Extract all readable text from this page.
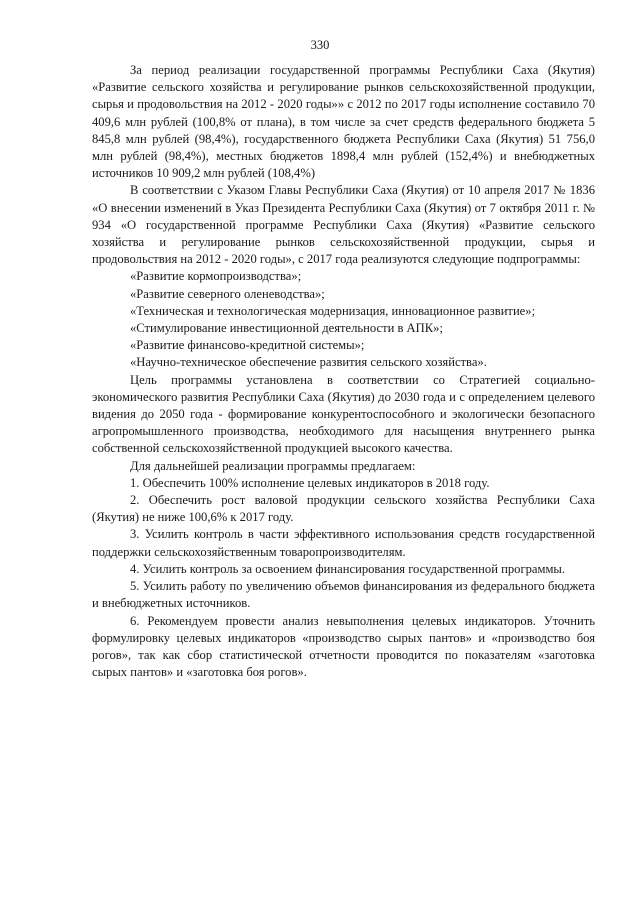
330

За период реализации государственной программы Республики Саха (Якутия) «Развитие сельского хозяйства и регулирование рынков сельскохозяйственной продукции, сырья и продовольствия на 2012 - 2020 годы»» с 2012 по 2017 годы исполнение составило 70 409,6 млн рублей (100,8% от плана), в том числе за счет средств федерального бюджета 5 845,8 млн рублей (98,4%), государственного бюджета Республики Саха (Якутия) 51 756,0 млн рублей (98,4%), местных бюджетов 1898,4 млн рублей (152,4%) и внебюджетных источников 10 909,2 млн рублей (108,4%)

В соответствии с Указом Главы Республики Саха (Якутия) от 10 апреля 2017 № 1836 «О внесении изменений в Указ Президента Республики Саха (Якутия) от 7 октября 2011 г. № 934 «О государственной программе Республики Саха (Якутия) «Развитие сельского хозяйства и регулирование рынков сельскохозяйственной продукции, сырья и продовольствия на 2012 - 2020 годы», с 2017 года реализуются следующие подпрограммы:

«Развитие кормопроизводства»;

«Развитие северного оленеводства»;

«Техническая и технологическая модернизация, инновационное развитие»;

«Стимулирование инвестиционной деятельности в АПК»;

«Развитие финансово-кредитной системы»;

«Научно-техническое обеспечение развития сельского хозяйства».

Цель программы установлена в соответствии со Стратегией социально-экономического развития Республики Саха (Якутия) до 2030 года и с определением целевого видения до 2050 года - формирование конкурентоспособного и экологически безопасного агропромышленного производства, необходимого для насыщения внутреннего рынка собственной сельскохозяйственной продукцией высокого качества.

Для дальнейшей реализации программы предлагаем:

1. Обеспечить 100% исполнение целевых индикаторов в 2018 году.

2. Обеспечить рост валовой продукции сельского хозяйства Республики Саха (Якутия) не ниже 100,6% к 2017 году.

3. Усилить контроль в части эффективного использования средств государственной поддержки сельскохозяйственным товаропроизводителям.

4. Усилить контроль за освоением финансирования государственной программы.

5. Усилить работу по увеличению объемов финансирования из федерального бюджета и внебюджетных источников.

6. Рекомендуем провести анализ невыполнения целевых индикаторов. Уточнить формулировку целевых индикаторов «производство сырых пантов» и «производство боя рогов», так как сбор статистической отчетности проводится по показателям «заготовка сырых пантов» и «заготовка боя рогов».
